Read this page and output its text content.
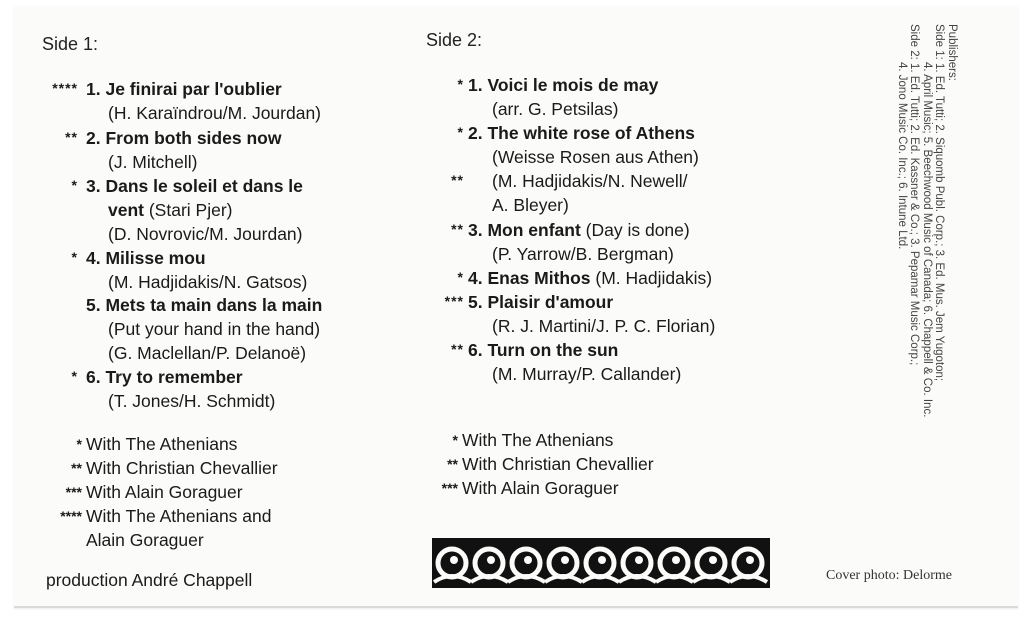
Side 1:
**** 1. Je finirai par l'oublier
(H. Karaïndrou/M. Jourdan)
** 2. From both sides now
(J. Mitchell)
* 3. Dans le soleil et dans le
vent (Stari Pjer)
(D. Novrovic/M. Jourdan)
* 4. Milisse mou
(M. Hadjidakis/N. Gatsos)
5. Mets ta main dans la main
(Put your hand in the hand)
(G. Maclellan/P. Delanoë)
* 6. Try to remember
(T. Jones/H. Schmidt)
* With The Athenians
** With Christian Chevallier
*** With Alain Goraguer
**** With The Athenians and
Alain Goraguer
production André Chappell
Side 2:
* 1. Voici le mois de may
(arr. G. Petsilas)
* 2. The white rose of Athens
(Weisse Rosen aus Athen)
(M. Hadjidakis/N. Newell/
A. Bleyer)
**
** 3. Mon enfant (Day is done)
(P. Yarrow/B. Bergman)
* 4. Enas Mithos (M. Hadjidakis)
*** 5. Plaisir d'amour
(R. J. Martini/J. P. C. Florian)
** 6. Turn on the sun
(M. Murray/P. Callander)
* With The Athenians
** With Christian Chevallier
*** With Alain Goraguer
Publishers:
Side 1: 1. Ed. Tutti; 2. Siquomb Publ. Corp.; 3. Ed. Mus. Jem Yugoton;
4. April Music; 5. Beechwood Music of Canada; 6. Chappell & Co. Inc.
Side 2: 1. Ed. Tutti; 2. Ed. Kassner & Co.; 3. Pepamar Music Corp.;
4. Jono Music Co. Inc.; 6. Intune Ltd.
Cover photo: Delorme
